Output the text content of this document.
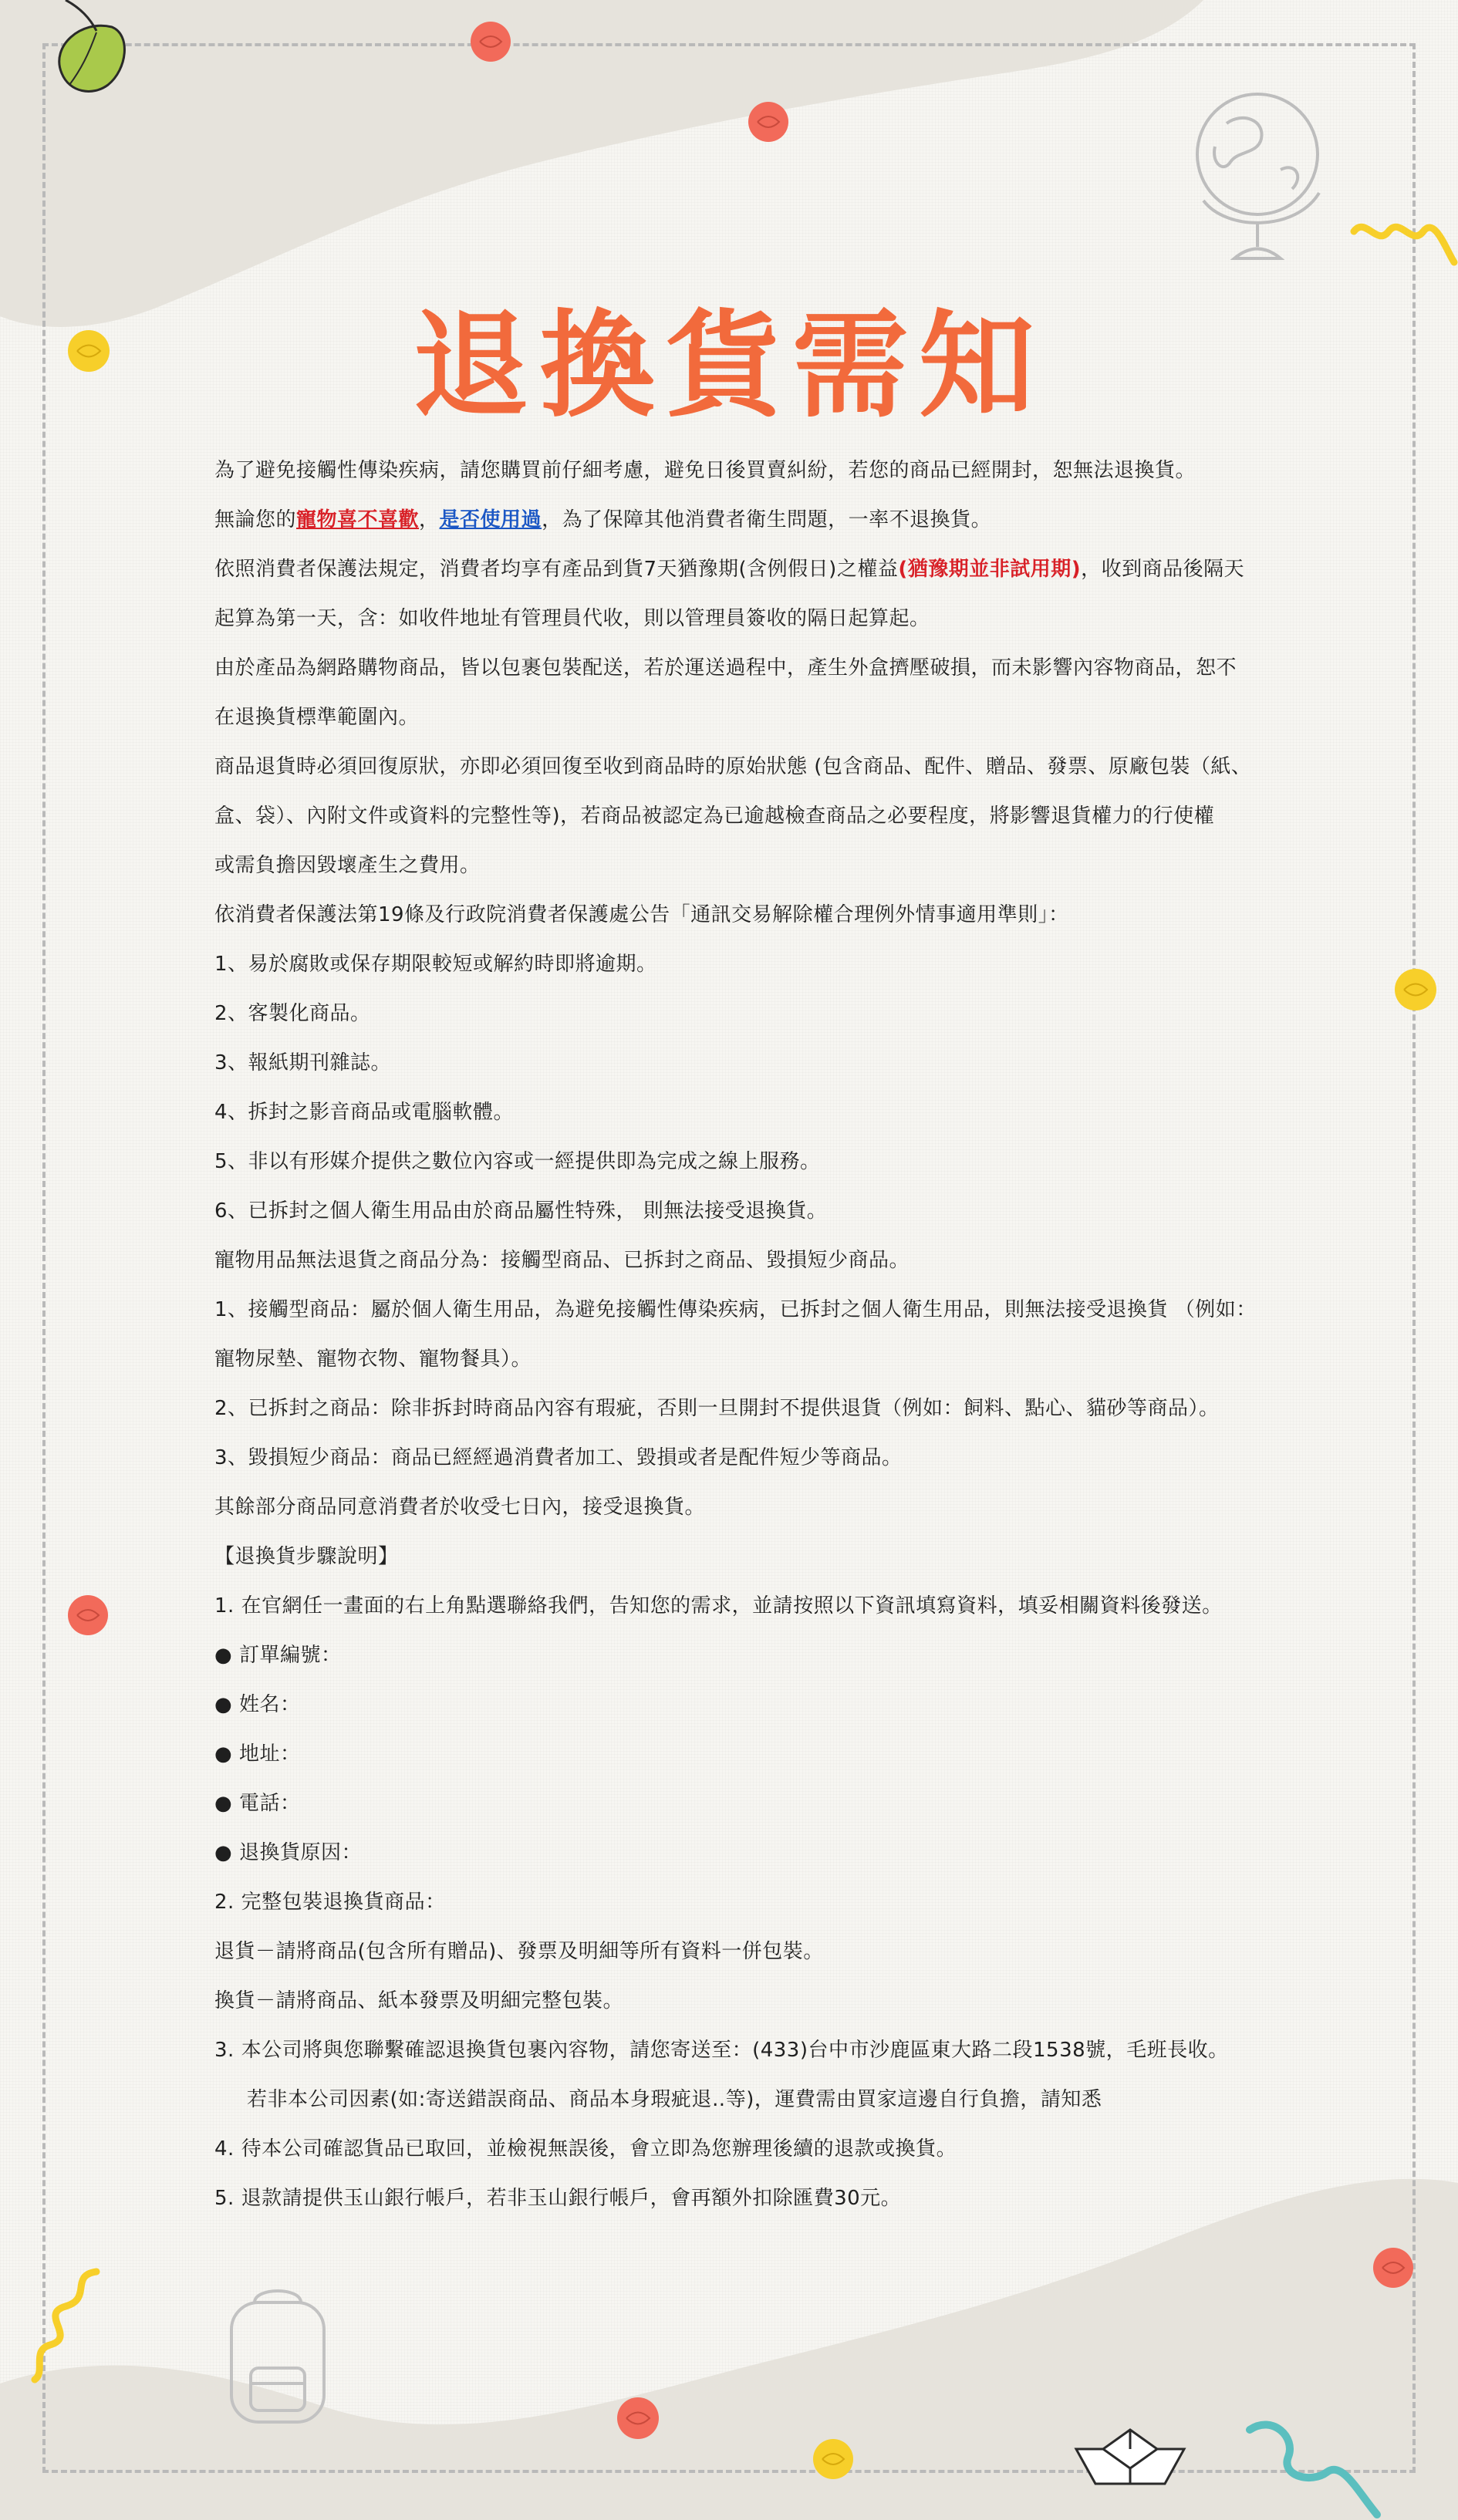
退換貨需知
為了避免接觸性傳染疾病，請您購買前仔細考慮，避免日後買賣糾紛，若您的商品已經開封，恕無法退換貨。
無論您的寵物喜不喜歡，是否使用過，為了保障其他消費者衛生問題，一率不退換貨。
依照消費者保護法規定，消費者均享有產品到貨7天猶豫期(含例假日)之權益(猶豫期並非試用期)，收到商品後隔天
起算為第一天，含：如收件地址有管理員代收，則以管理員簽收的隔日起算起。
由於產品為網路購物商品，皆以包裹包裝配送，若於運送過程中，產生外盒擠壓破損，而未影響內容物商品，恕不
在退換貨標準範圍內。
商品退貨時必須回復原狀，亦即必須回復至收到商品時的原始狀態 (包含商品、配件、贈品、發票、原廠包裝（紙、
盒、袋）、內附文件或資料的完整性等)，若商品被認定為已逾越檢查商品之必要程度，將影響退貨權力的行使權
或需負擔因毀壞產生之費用。
依消費者保護法第19條及行政院消費者保護處公告「通訊交易解除權合理例外情事適用準則」：
1、易於腐敗或保存期限較短或解約時即將逾期。
2、客製化商品。
3、報紙期刊雜誌。
4、拆封之影音商品或電腦軟體。
5、非以有形媒介提供之數位內容或一經提供即為完成之線上服務。
6、已拆封之個人衛生用品由於商品屬性特殊， 則無法接受退換貨。
寵物用品無法退貨之商品分為：接觸型商品、已拆封之商品、毀損短少商品。
1、接觸型商品：屬於個人衛生用品，為避免接觸性傳染疾病，已拆封之個人衛生用品，則無法接受退換貨 （例如：
寵物尿墊、寵物衣物、寵物餐具）。
2、已拆封之商品：除非拆封時商品內容有瑕疵，否則一旦開封不提供退貨（例如：飼料、點心、貓砂等商品）。
3、毀損短少商品：商品已經經過消費者加工、毀損或者是配件短少等商品。
其餘部分商品同意消費者於收受七日內，接受退換貨。
【退換貨步驟說明】
1. 在官網任一畫面的右上角點選聯絡我們，告知您的需求，並請按照以下資訊填寫資料，填妥相關資料後發送。
● 訂單編號：
● 姓名：
● 地址：
● 電話：
● 退換貨原因：
2. 完整包裝退換貨商品：
退貨－請將商品(包含所有贈品)、發票及明細等所有資料一併包裝。
換貨－請將商品、紙本發票及明細完整包裝。
3. 本公司將與您聯繫確認退換貨包裹內容物，請您寄送至：(433)台中市沙鹿區東大路二段1538號，毛班長收。
若非本公司因素(如:寄送錯誤商品、商品本身瑕疵退‥等)，運費需由買家這邊自行負擔，請知悉
4. 待本公司確認貨品已取回，並檢視無誤後，會立即為您辦理後續的退款或換貨。
5. 退款請提供玉山銀行帳戶，若非玉山銀行帳戶，會再額外扣除匯費30元。
